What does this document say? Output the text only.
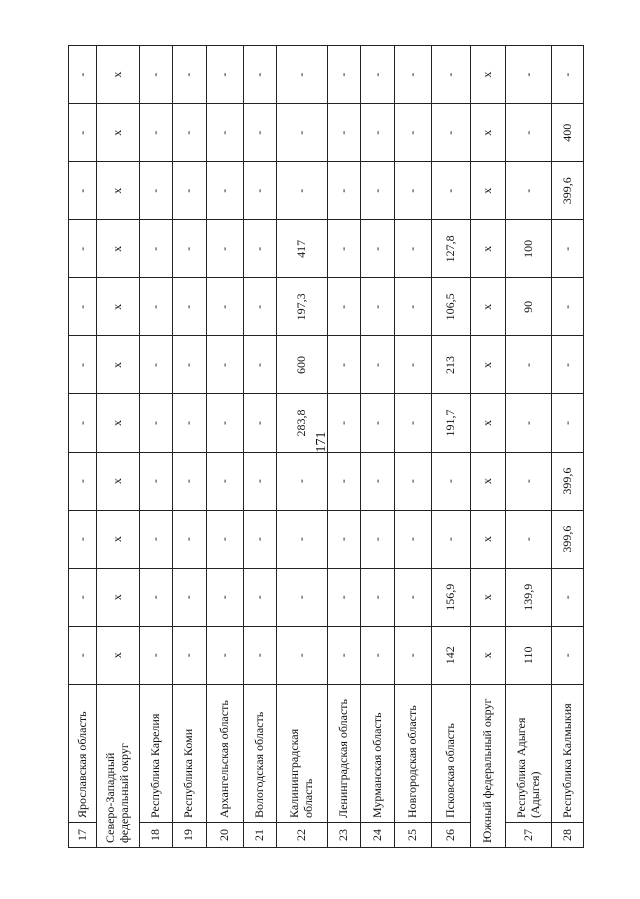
171
17	Ярославская область	-	-	-	-	-	-	-	-	-	-	-
Северо-Западный федеральный округ		x	x	x	x	x	x	x	x	x	x	x
18	Республика Карелия	-	-	-	-	-	-	-	-	-	-	-
19	Республика Коми	-	-	-	-	-	-	-	-	-	-	-
20	Архангельская область	-	-	-	-	-	-	-	-	-	-	-
21	Вологодская область	-	-	-	-	-	-	-	-	-	-	-
22	Калининградская область	-	-	-	-	283,8	600	197,3	417	-	-	-
23	Ленинградская область	-	-	-	-	-	-	-	-	-	-	-
24	Мурманская область	-	-	-	-	-	-	-	-	-	-	-
25	Новгородская область	-	-	-	-	-	-	-	-	-	-	-
26	Псковская область	142	156,9	-	-	191,7	213	106,5	127,8	-	-	-
Южный федеральный округ		x	x	x	x	x	x	x	x	x	x	x
27	Республика Адыгея (Адыгея)	110	139,9	-	-	-	-	90	100	-	-	-
28	Республика Калмыкия	-	-	399,6	399,6	-	-	-	-	399,6	400	-
